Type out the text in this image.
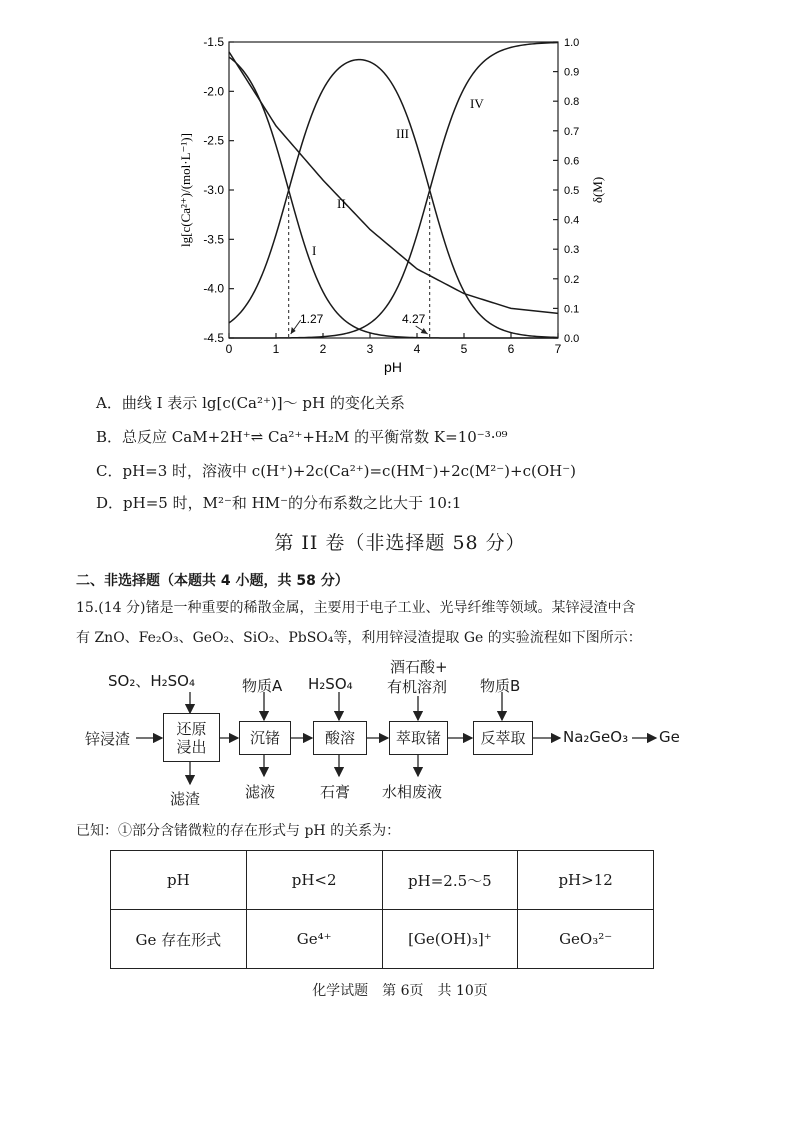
0	1	2	3	4	5	6	7
-1.5
-2.0
-2.5
-3.0
-3.5
-4.0
-4.5
1.0
0.9
0.8
0.7
0.6
0.5
0.4
0.3
0.2
0.1
0.0
pH
lg[c(Ca²⁺)/(mol·L⁻¹)]	δ(M)
I
II
III
IV
1.27	4.27
A．曲线 I 表示 lg[c(Ca²⁺)]～ pH 的变化关系
B．总反应 CaM+2H⁺⇌ Ca²⁺+H₂M 的平衡常数 K=10⁻³·⁰⁹
C．pH=3 时，溶液中 c(H⁺)+2c(Ca²⁺)=c(HM⁻)+2c(M²⁻)+c(OH⁻)
D．pH=5 时，M²⁻和 HM⁻的分布系数之比大于 10:1
第 II 卷（非选择题 58 分）
二、非选择题（本题共 4 小题，共 58 分）
15.(14 分)锗是一种重要的稀散金属，主要用于电子工业、光导纤维等领域。某锌浸渣中含
有 ZnO、Fe₂O₃、GeO₂、SiO₂、PbSO₄等，利用锌浸渣提取 Ge 的实验流程如下图所示：
锌浸渣
SO₂、H₂SO₄
还原
浸出
滤渣
物质A
沉锗
滤液
H₂SO₄
酸溶
石膏
酒石酸+
有机溶剂
萃取锗
水相废液
物质B
反萃取	Na₂GeO₃ Ge
已知：①部分含锗微粒的存在形式与 pH 的关系为：
pH	pH<2	pH=2.5～5	pH>12
Ge 存在形式	Ge⁴⁺	[Ge(OH)₃]⁺	GeO₃²⁻
化学试题　第 6页　共 10页
